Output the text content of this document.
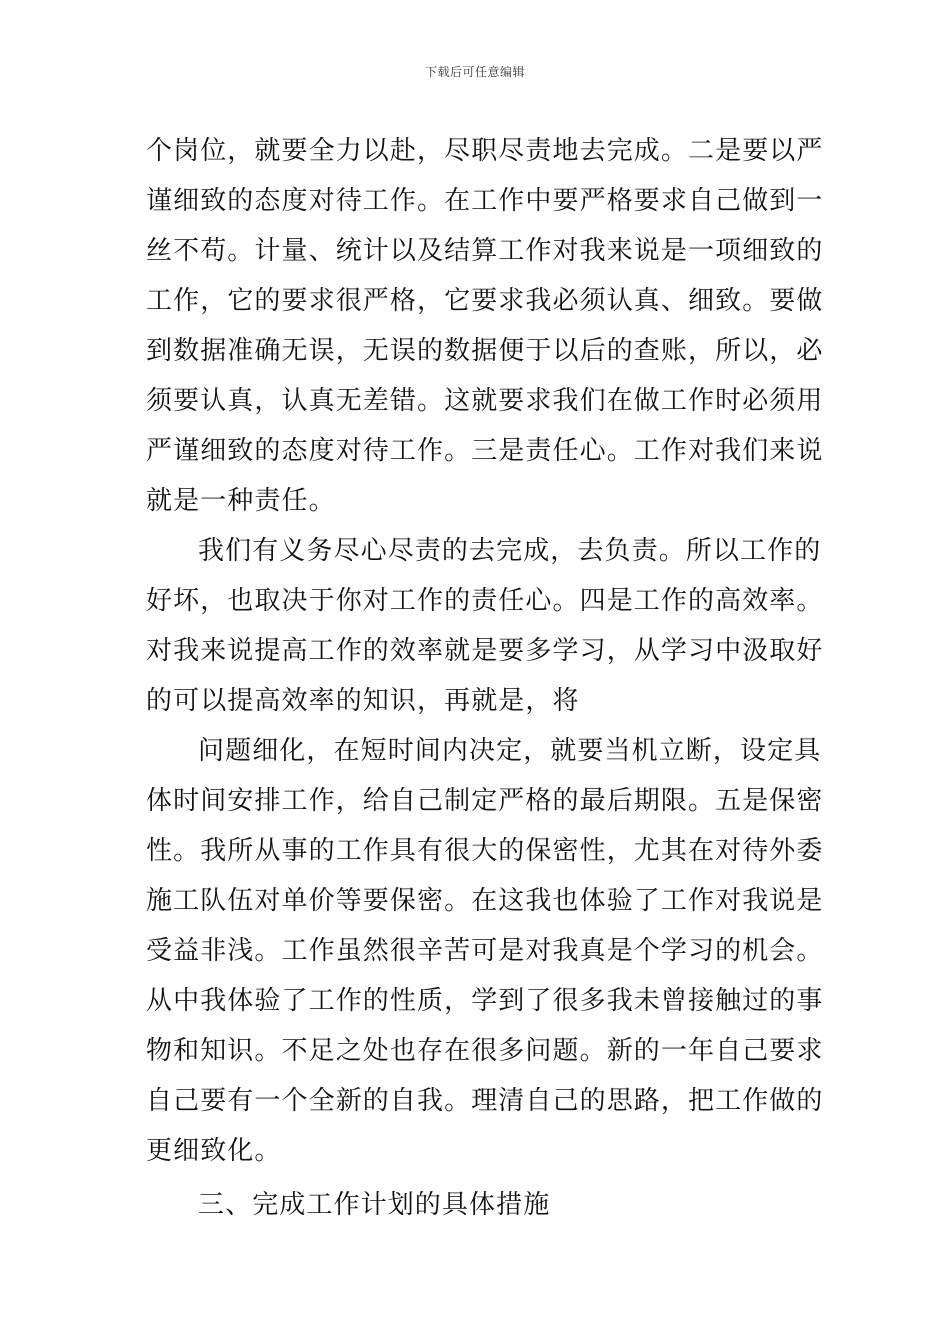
下载后可任意编辑
个岗位，就要全力以赴，尽职尽责地去完成。二是要以严
谨细致的态度对待工作。在工作中要严格要求自己做到一
丝不苟。计量、统计以及结算工作对我来说是一项细致的
工作，它的要求很严格，它要求我必须认真、细致。要做
到数据准确无误，无误的数据便于以后的查账，所以，必
须要认真，认真无差错。这就要求我们在做工作时必须用
严谨细致的态度对待工作。三是责任心。工作对我们来说
就是一种责任。
我们有义务尽心尽责的去完成，去负责。所以工作的
好坏，也取决于你对工作的责任心。四是工作的高效率。
对我来说提高工作的效率就是要多学习，从学习中汲取好
的可以提高效率的知识，再就是，将
问题细化，在短时间内决定，就要当机立断，设定具
体时间安排工作，给自己制定严格的最后期限。五是保密
性。我所从事的工作具有很大的保密性，尤其在对待外委
施工队伍对单价等要保密。在这我也体验了工作对我说是
受益非浅。工作虽然很辛苦可是对我真是个学习的机会。
从中我体验了工作的性质，学到了很多我未曾接触过的事
物和知识。不足之处也存在很多问题。新的一年自己要求
自己要有一个全新的自我。理清自己的思路，把工作做的
更细致化。
三、完成工作计划的具体措施
